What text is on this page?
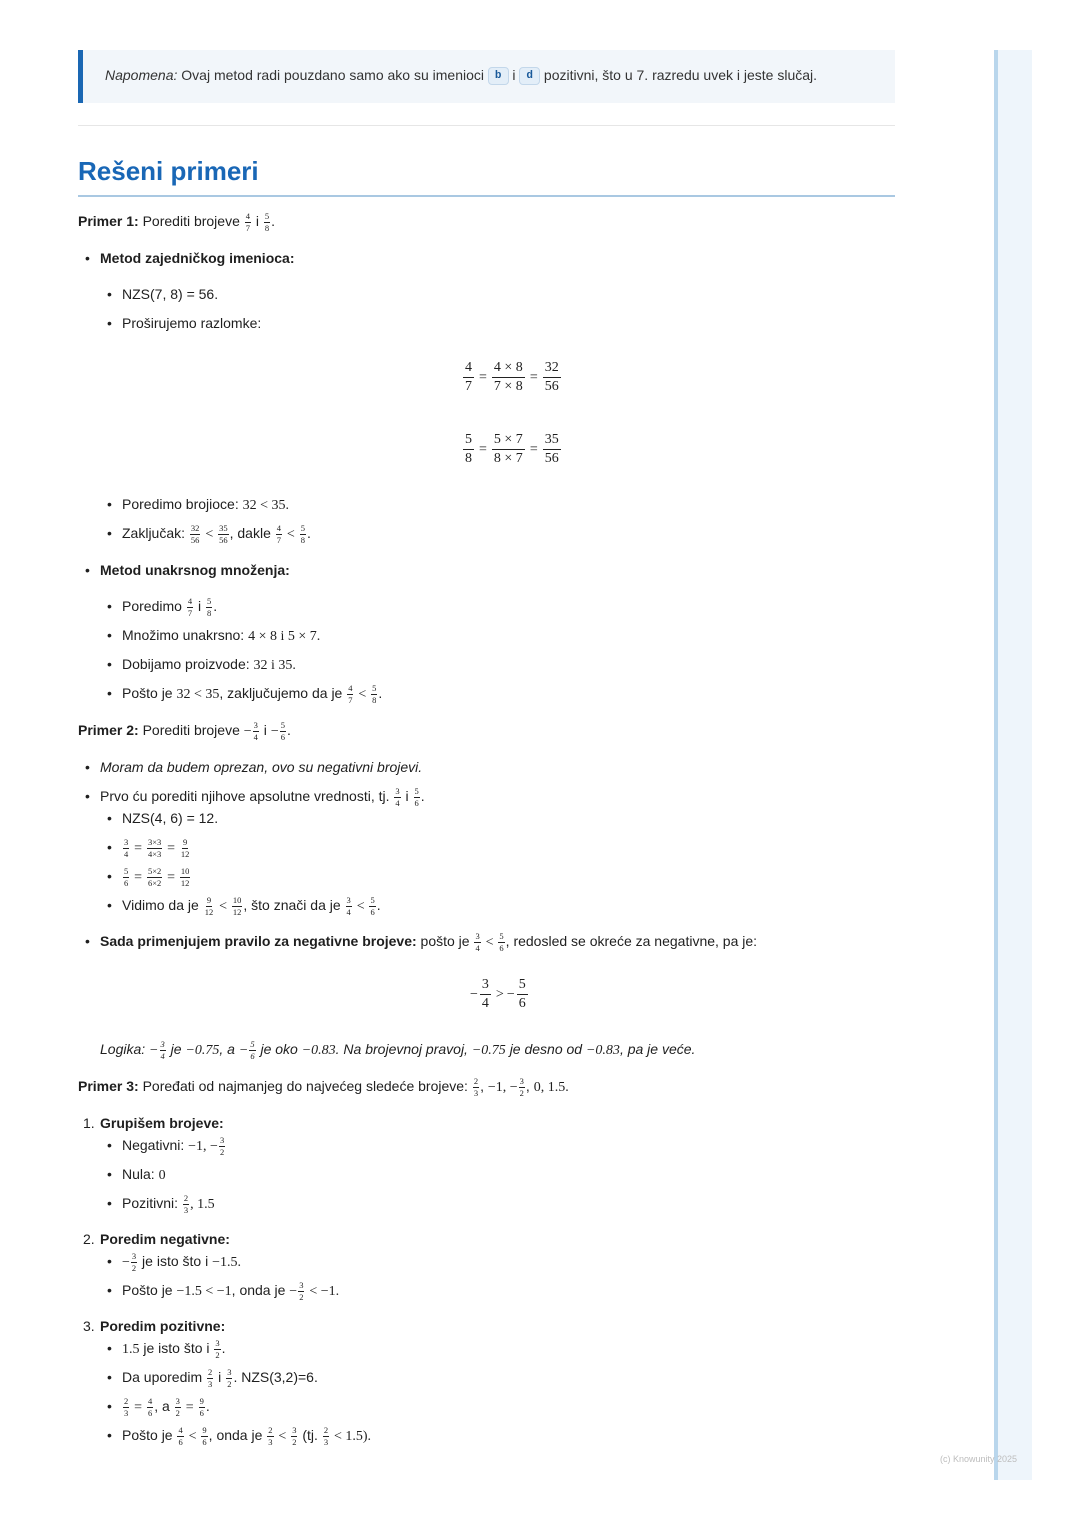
(c) Knowunity 2025
Napomena: Ovaj metod radi pouzdano samo ako su imenioci b i d pozitivni, što u 7. razredu uvek i jeste slučaj.
Rešeni primeri
Primer 1: Porediti brojeve $\frac{4}{7}$ i $\frac{5}{8}$ .
• Metod zajedničkog imenioca:
• NZS(7, 8) = 56.
• Proširujemo razlomke:
$\frac{4}{7} = \frac{4 \times 8}{7 \times 8} = \frac{32}{56}$
$\frac{5}{8} = \frac{5 \times 7}{8 \times 7} = \frac{35}{56}$
• Poredimo brojioce: 32 < 35.
• Zaključak: $\frac{32}{56} < \frac{35}{56}$ , dakle $\frac{4}{7} < \frac{5}{8}$ .
• Metod unakrsnog množenja:
• Poredimo $\frac{4}{7}$ i $\frac{5}{8}$ .
• Množimo unakrsno: 4 × 8 i 5 × 7.
• Dobijamo proizvode: 32 i 35.
• Pošto je 32 < 35, zaključujemo da je $\frac{4}{7} < \frac{5}{8}$ .
Primer 2: Porediti brojeve − $\frac{3}{4}$ $i - \frac{5}{6}$ .
• Moram da budem oprezan, ovo su negativni brojevi.
• Prvo ću porediti njihove apsolutne vrednosti, tj. $\frac{3}{4}$ i $\frac{5}{6}$ .
• NZS(4, 6) = 12.
• $\frac{3}{4} = \frac{3\times 3}{4\times 3} = \frac{9}{12}$
• $\frac{5}{6} = \frac{5\times 2}{6\times 2} = \frac{10}{12}$
• Vidimo da je $\frac{9}{12} < \frac{10}{12}$ , što znači da je $\frac{3}{4} < \frac{5}{6}$ .
• Sada primenjujem pravilo za negativne brojeve: pošto je $\frac{3}{4} < \frac{5}{6}$ , redosled se okreće za negativne, pa je:
− $\frac{3}{4}$ > − $\frac{5}{6}$
Logika: − $\frac{3}{4}$ je −0.75, $a - \frac{5}{6}$ je oko −0.83. Na brojevnoj pravoj, −0.75 je desno od −0.83, pa je veće.
Primer 3: Poređati od najmanjeg do najvećeg sledeće brojeve: $\frac{2}{3}$ , −1, − $\frac{3}{2}$ , 0, 1.5.
1. Grupišem brojeve:
• Negativni: −1, − $\frac{3}{2}$
• Nula: 0
• Pozitivni: $\frac{2}{3}$ , 1.5
2. Poredim negativne:
• − $\frac{3}{2}$ je isto što i −1.5.
• Pošto je −1.5 < −1, onda je − $\frac{3}{2} < -1$.
3. Poredim pozitivne:
• 1.5 je isto što i $\frac{3}{2}$ .
• Da uporedim $\frac{2}{3}$ i $\frac{3}{2}$ . NZS(3,2)=6.
• $\frac{2}{3} = \frac{4}{6}$ , a $\frac{3}{2} = \frac{9}{6}$ .
• Pošto je $\frac{4}{6} < \frac{9}{6}$ , onda je $\frac{2}{3} < \frac{3}{2} (tj$. $\frac{2}{3} < 1.5$).
